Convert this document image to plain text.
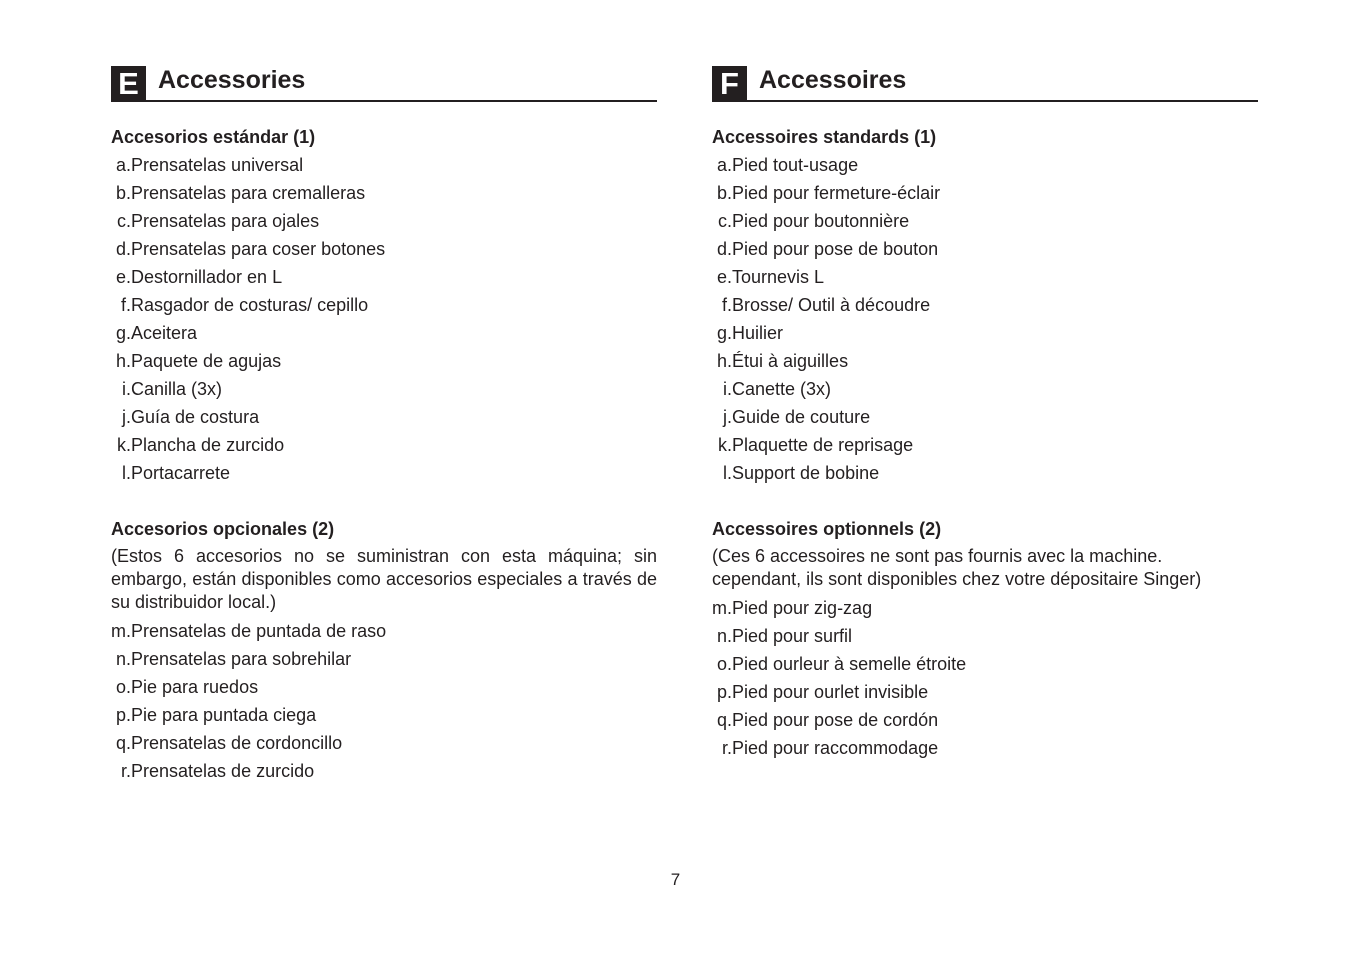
E Accessories
Accesorios estándar (1)
a. Prensatelas universal
b. Prensatelas para cremalleras
c. Prensatelas para ojales
d. Prensatelas para coser botones
e. Destornillador en L
f. Rasgador de costuras/ cepillo
g. Aceitera
h. Paquete de agujas
i. Canilla (3x)
j. Guía de costura
k. Plancha de zurcido
l. Portacarrete
Accesorios opcionales (2)
(Estos 6 accesorios no se suministran con esta máquina; sin embargo, están disponibles como accesorios especiales a través de su distribuidor local.)
m. Prensatelas de puntada de raso
n. Prensatelas para sobrehilar
o. Pie para ruedos
p. Pie para puntada ciega
q. Prensatelas de cordoncillo
r. Prensatelas de zurcido
F Accessoires
Accessoires standards (1)
a. Pied tout-usage
b. Pied pour fermeture-éclair
c. Pied pour boutonnière
d. Pied pour pose de bouton
e. Tournevis L
f. Brosse/ Outil à découdre
g. Huilier
h. Étui à aiguilles
i. Canette (3x)
j. Guide de couture
k. Plaquette de reprisage
l. Support de bobine
Accessoires optionnels (2)
(Ces 6 accessoires ne sont pas fournis avec la machine.
cependant, ils sont disponibles chez votre dépositaire Singer)
m. Pied pour zig-zag
n. Pied pour surfil
o. Pied ourleur à semelle étroite
p. Pied pour ourlet invisible
q. Pied pour pose de cordón
r. Pied pour raccommodage
7
